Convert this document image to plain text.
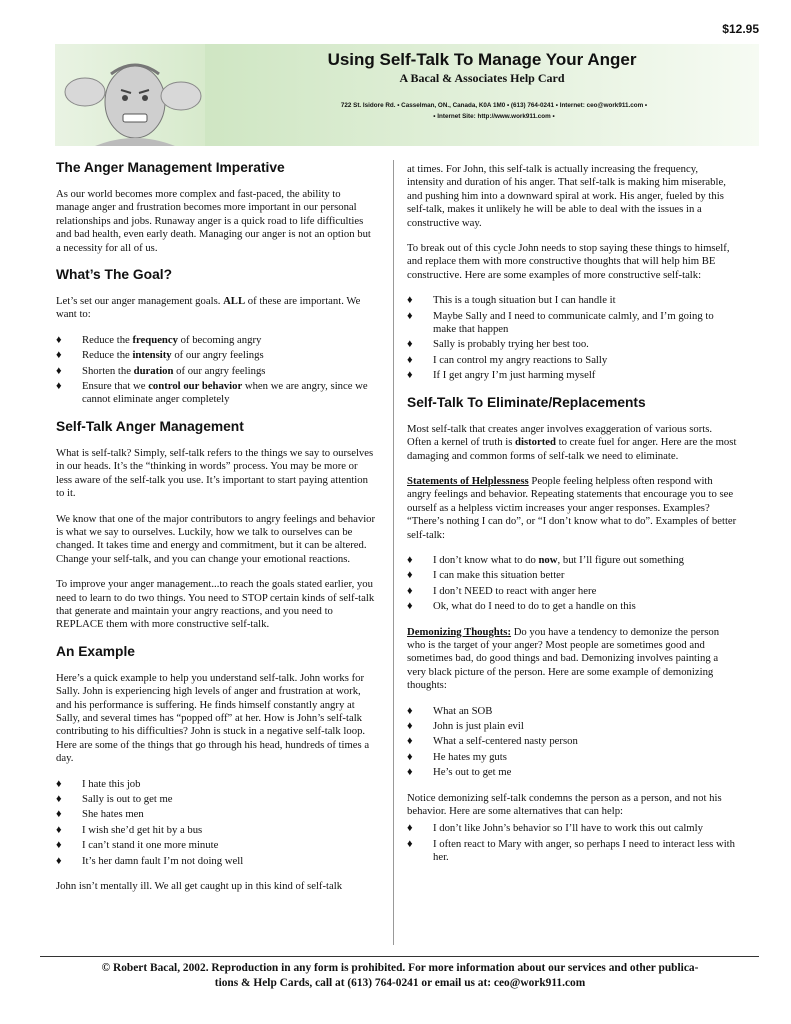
$12.95
Using Self-Talk To Manage Your Anger
A Bacal & Associates Help Card
722 St. Isidore Rd. • Casselman, ON., Canada, K0A 1M0 • (613) 764-0241 • Internet: ceo@work911.com •
• Internet Site: http://www.work911.com •
The Anger Management Imperative

As our world becomes more complex and fast-paced, the ability to manage anger and frustration becomes more important in our personal relationships and jobs. Runaway anger is a quick road to life difficulties and bad health, even early death. Managing our anger is not an option but a necessity for all of us.

What’s The Goal?

Let’s set our anger management goals. ALL of these are important. We want to:

♦ Reduce the frequency of becoming angry
♦ Reduce the intensity of our angry feelings
♦ Shorten the duration of our angry feelings
♦ Ensure that we control our behavior when we are angry, since we cannot eliminate anger completely
Self-Talk Anger Management

What is self-talk? Simply, self-talk refers to the things we say to ourselves in our heads. It’s the “thinking in words” process. You may be more or less aware of the self-talk you use. It’s important to start paying attention to it.

We know that one of the major contributors to angry feelings and behavior is what we say to ourselves. Luckily, how we talk to ourselves can be changed. It takes time and energy and commitment, but it can be altered. Change your self-talk, and you can change your emotional reactions.

To improve your anger management...to reach the goals stated earlier, you need to learn to do two things. You need to STOP certain kinds of self-talk that generate and maintain your angry reactions, and you need to REPLACE them with more constructive self-talk.

An Example

Here’s a quick example to help you understand self-talk. John works for Sally. John is experiencing high levels of anger and frustration at work, and his performance is suffering. He finds himself constantly angry at Sally, and several times has “popped off” at her. How is John’s self-talk contributing to his difficulties? John is stuck in a negative self-talk loop. Here are some of the things that go through his head, hundreds of times a day.

♦ I hate this job
♦ Sally is out to get me
♦ She hates men
♦ I wish she’d get hit by a bus
♦ I can’t stand it one more minute
♦ It’s her damn fault I’m not doing well

John isn’t mentally ill. We all get caught up in this kind of self-talk

at times. For John, this self-talk is actually increasing the frequency, intensity and duration of his anger. That self-talk is making him miserable, and pushing him into a downward spiral at work. His anger, fueled by this self-talk, makes it unlikely he will be able to deal with the issues in a constructive way.

To break out of this cycle John needs to stop saying these things to himself, and replace them with more constructive thoughts that will help him BE constructive. Here are some examples of more constructive self-talk:

♦ This is a tough situation but I can handle it
♦ Maybe Sally and I need to communicate calmly, and I’m going to make that happen
♦ Sally is probably trying her best too.
♦ I can control my angry reactions to Sally
♦ If I get angry I’m just harming myself
Self-Talk To Eliminate/Replacements

Most self-talk that creates anger involves exaggeration of various sorts. Often a kernel of truth is distorted to create fuel for anger. Here are the most damaging and common forms of self-talk we need to eliminate.

Statements of Helplessness People feeling helpless often respond with angry feelings and behavior. Repeating statements that encourage you to see ourself as a helpless victim increases your anger responses. Examples? “There’s nothing I can do”, or “I don’t know what to do”. Examples of better self-talk:

♦ I don’t know what to do now, but I’ll figure out something
♦ I can make this situation better
♦ I don’t NEED to react with anger here
♦ Ok, what do I need to do to get a handle on this

Demonizing Thoughts: Do you have a tendency to demonize the person who is the target of your anger? Most people are sometimes good and sometimes bad, do good things and bad. Demonizing involves painting a very black picture of the person. Here are some example of demonizing thoughts:

♦ What an SOB
♦ John is just plain evil
♦ What a self-centered nasty person
♦ He hates my guts
♦ He’s out to get me

Notice demonizing self-talk condemns the person as a person, and not his behavior. Here are some alternatives that can help:

♦ I don’t like John’s behavior so I’ll have to work this out calmly
♦ I often react to Mary with anger, so perhaps I need to interact less with her.
© Robert Bacal, 2002. Reproduction in any form is prohibited. For more information about our services and other publica-
tions & Help Cards, call at (613) 764-0241 or email us at: ceo@work911.com
